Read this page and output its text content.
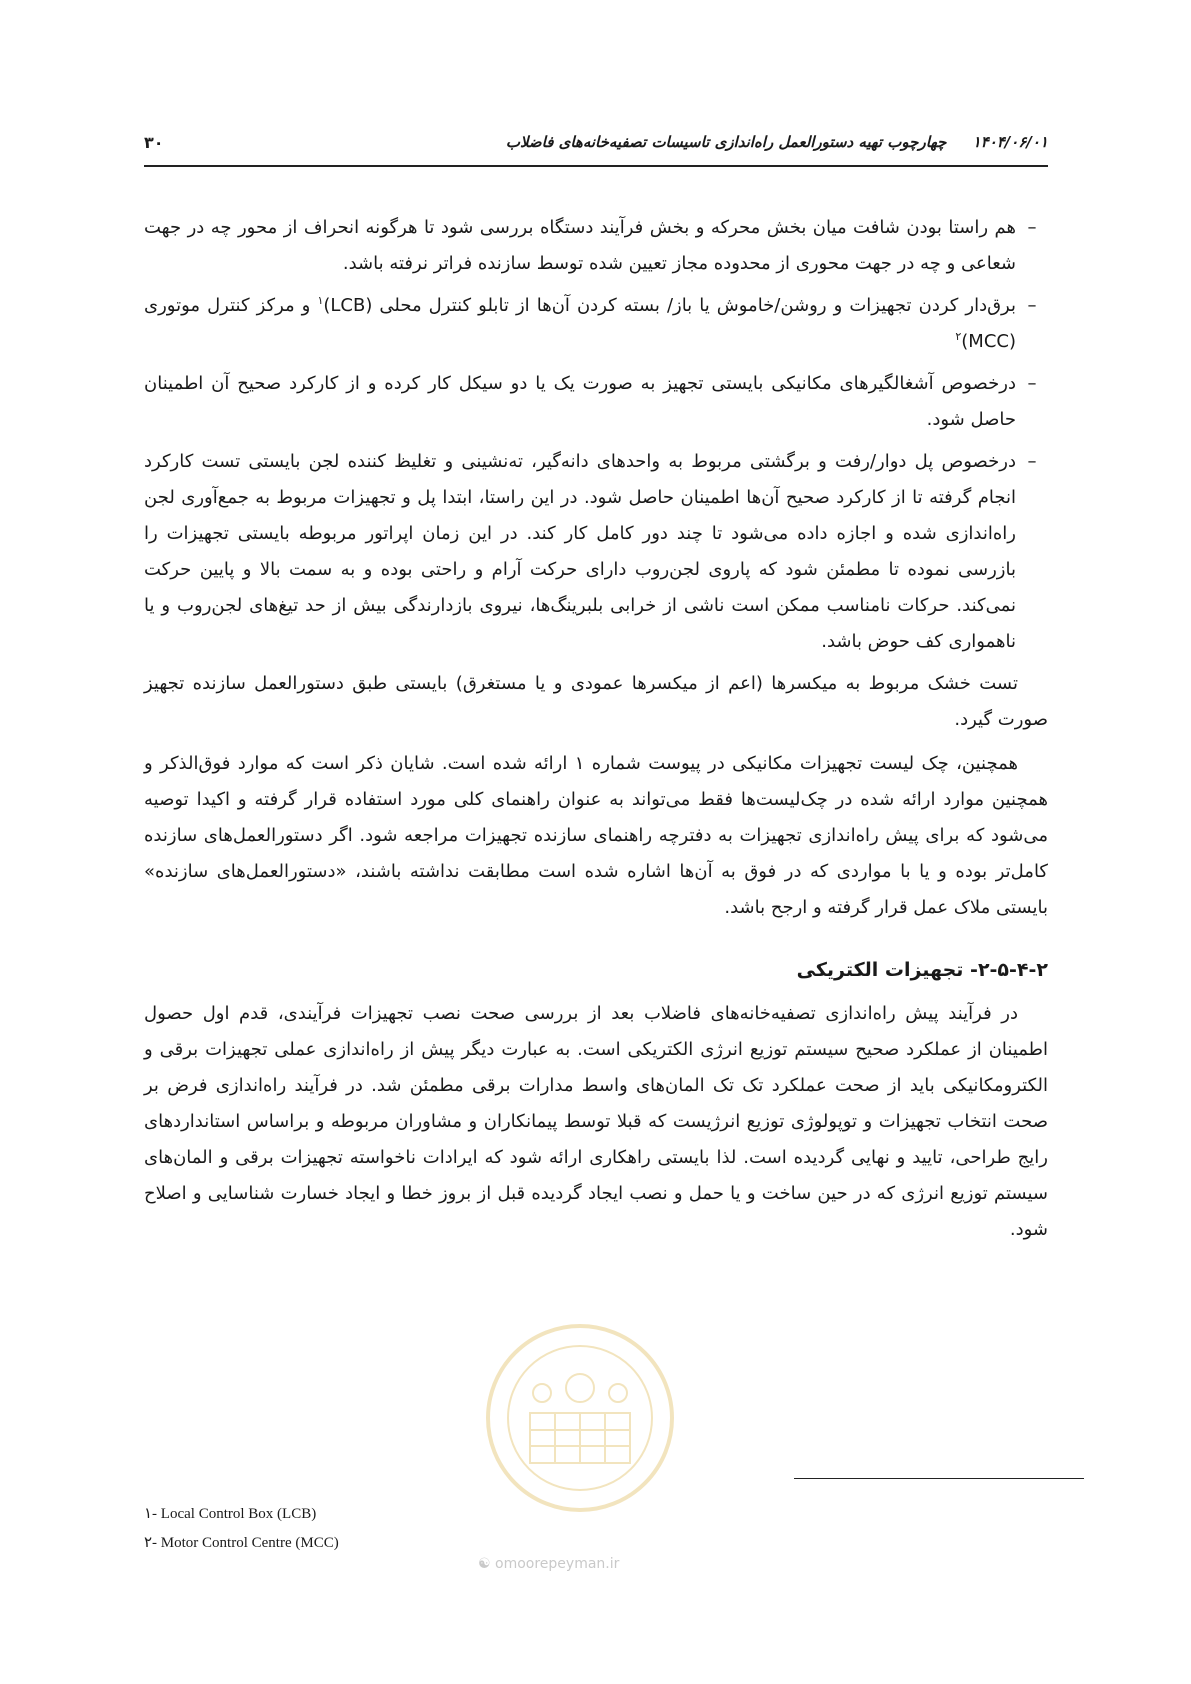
۳۰	۱۴۰۴/۰۶/۰۱     چهارچوب تهیه دستورالعمل راه‌اندازی تاسیسات تصفیه‌خانه‌های فاضلاب
–
هم راستا بودن شافت میان بخش محرکه و بخش فرآیند دستگاه بررسی شود تا هرگونه انحراف از محور چه در جهت شعاعی و چه در جهت محوری از محدوده مجاز تعیین شده توسط سازنده فراتر نرفته باشد.
–
برق‌دار کردن تجهیزات و روشن/خاموش یا باز/ بسته کردن آن‌ها از تابلو کنترل محلی (LCB)$^۱$ و مرکز کنترل موتوری (MCC)$^۲$
–
درخصوص آشغالگیرهای مکانیکی بایستی تجهیز به صورت یک یا دو سیکل کار کرده و از کارکرد صحیح آن اطمینان حاصل شود.
–
درخصوص پل دوار/رفت و برگشتی مربوط به واحدهای دانه‌گیر، ته‌نشینی و تغلیظ کننده لجن بایستی تست کارکرد انجام گرفته تا از کارکرد صحیح آن‌ها اطمینان حاصل شود. در این راستا، ابتدا پل و تجهیزات مربوط به جمع‌آوری لجن راه‌اندازی شده و اجازه داده می‌شود تا چند دور کامل کار کند. در این زمان اپراتور مربوطه بایستی تجهیزات را بازرسی نموده تا مطمئن شود که پاروی لجن‌روب دارای حرکت آرام و راحتی بوده و به سمت بالا و پایین حرکت نمی‌کند. حرکات نامناسب ممکن است ناشی از خرابی بلبرینگ‌ها، نیروی بازدارندگی بیش از حد تیغ‌های لجن‌روب و یا ناهمواری کف حوض باشد.

تست خشک مربوط به میکسرها (اعم از میکسرها عمودی و یا مستغرق) بایستی طبق دستورالعمل سازنده تجهیز صورت گیرد.

همچنین، چک لیست تجهیزات مکانیکی در پیوست شماره ۱ ارائه شده است. شایان ذکر است که موارد فوق‌الذکر و همچنین موارد ارائه شده در چک‌لیست‌ها فقط می‌تواند به عنوان راهنمای کلی مورد استفاده قرار گرفته و اکیدا توصیه می‌شود که برای پیش راه‌اندازی تجهیزات به دفترچه راهنمای سازنده تجهیزات مراجعه شود. اگر دستورالعمل‌های سازنده کامل‌تر بوده و یا با مواردی که در فوق به آن‌ها اشاره شده است مطابقت نداشته باشند، «دستورالعمل‌های سازنده» بایستی ملاک عمل قرار گرفته و ارجح باشد.

۲-۵-۴-۲- تجهیزات الکتریکی

در فرآیند پیش راه‌اندازی تصفیه‌خانه‌های فاضلاب بعد از بررسی صحت نصب تجهیزات فرآیندی، قدم اول حصول اطمینان از عملکرد صحیح سیستم توزیع انرژی الکتریکی است. به عبارت دیگر پیش از راه‌اندازی عملی تجهیزات برقی و الکترومکانیکی باید از صحت عملکرد تک تک المان‌های واسط مدارات برقی مطمئن شد. در فرآیند راه‌اندازی فرض بر صحت انتخاب تجهیزات و توپولوژی توزیع انرژیست که قبلا توسط پیمانکاران و مشاوران مربوطه و براساس استانداردهای رایج طراحی، تایید و نهایی گردیده است. لذا بایستی راهکاری ارائه شود که ایرادات ناخواسته تجهیزات برقی و المان‌های سیستم توزیع انرژی که در حین ساخت و یا حمل و نصب ایجاد گردیده قبل از بروز خطا و ایجاد خسارت شناسایی و اصلاح شود.

☯ omoorepeyman.ir
۱- Local Control Box (LCB)
۲- Motor Control Centre (MCC)
